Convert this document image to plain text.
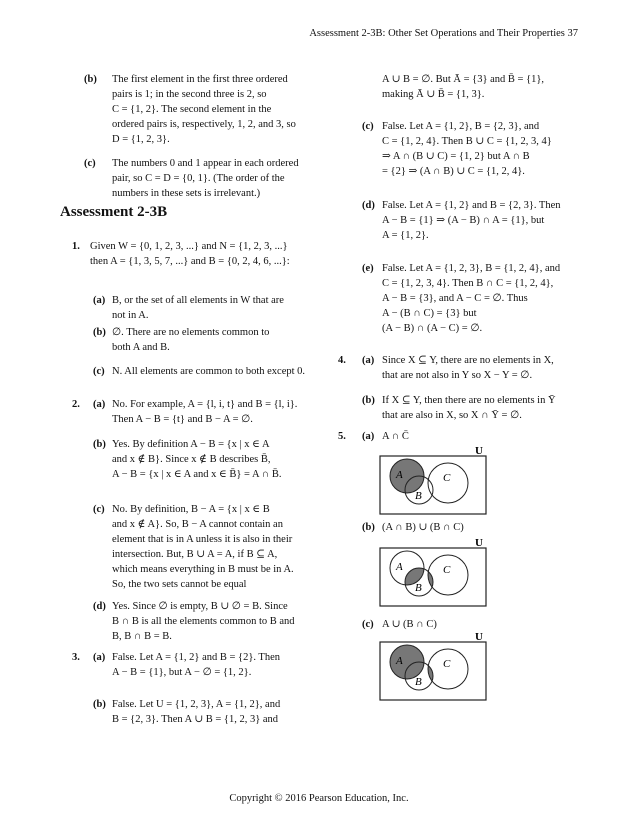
Assessment 2-3B: Other Set Operations and Their Properties 37
(b) The first element in the first three ordered
pairs is 1; in the second three is 2, so
C = {1, 2}. The second element in the
ordered pairs is, respectively, 1, 2, and 3, so
D = {1, 2, 3}.
(c) The numbers 0 and 1 appear in each ordered
pair, so C = D = {0, 1}. (The order of the
numbers in these sets is irrelevant.)
Assessment 2-3B
1. Given W = {0, 1, 2, 3, ...} and N = {1, 2, 3, ...}
then A = {1, 3, 5, 7, ...} and B = {0, 2, 4, 6, ...}:
(a) B, or the set of all elements in W that are
not in A.
(b) ∅. There are no elements common to
both A and B.
(c) N. All elements are common to both except 0.
2. (a) No. For example, A = {l, i, t} and B = {l, i}.
Then A − B = {t} and B − A = ∅.
(b) Yes. By definition A − B = {x | x ∈ A
and x ∉ B}. Since x ∉ B describes B̄,
A − B = {x | x ∈ A and x ∈ B̄} = A ∩ B̄.
(c) No. By definition, B − A = {x | x ∈ B
and x ∉ A}. So, B − A cannot contain an
element that is in A unless it is also in their
intersection. But, B ∪ A = A, if B ⊆ A,
which means everything in B must be in A.
So, the two sets cannot be equal
(d) Yes. Since ∅ is empty, B ∪ ∅ = B. Since
B ∩ B is all the elements common to B and
B, B ∩ B = B.
3. (a) False. Let A = {1, 2} and B = {2}. Then
A − B = {1}, but A − ∅ = {1, 2}.
(b) False. Let U = {1, 2, 3}, A = {1, 2}, and
B = {2, 3}. Then A ∪ B = {1, 2, 3} and
A ∪ B = ∅. But Ā = {3} and B̄ = {1},
making Ā ∪ B̄ = {1, 3}.
(c) False. Let A = {1, 2}, B = {2, 3}, and
C = {1, 2, 4}. Then B ∪ C = {1, 2, 3, 4}
⇒ A ∩ (B ∪ C) = {1, 2} but A ∩ B
= {2} ⇒ (A ∩ B) ∪ C = {1, 2, 4}.
(d) False. Let A = {1, 2} and B = {2, 3}. Then
A − B = {1} ⇒ (A − B) ∩ A = {1}, but
A = {1, 2}.
(e) False. Let A = {1, 2, 3}, B = {1, 2, 4}, and
C = {1, 2, 3, 4}. Then B ∩ C = {1, 2, 4},
A − B = {3}, and A − C = ∅. Thus
A − (B ∩ C) = {3} but
(A − B) ∩ (A − C) = ∅.
4. (a) Since X ⊆ Y, there are no elements in X,
that are not also in Y so X − Y = ∅.
(b) If X ⊆ Y, then there are no elements in Ȳ
that are also in X, so X ∩ Ȳ = ∅.
5. (a) A ∩ C̄
(b) (A ∩ B) ∪ (B ∩ C)
(c) A ∪ (B ∩ C)
U
A
B
C
U
A
B
C
U
A
B
C
Copyright © 2016 Pearson Education, Inc.
